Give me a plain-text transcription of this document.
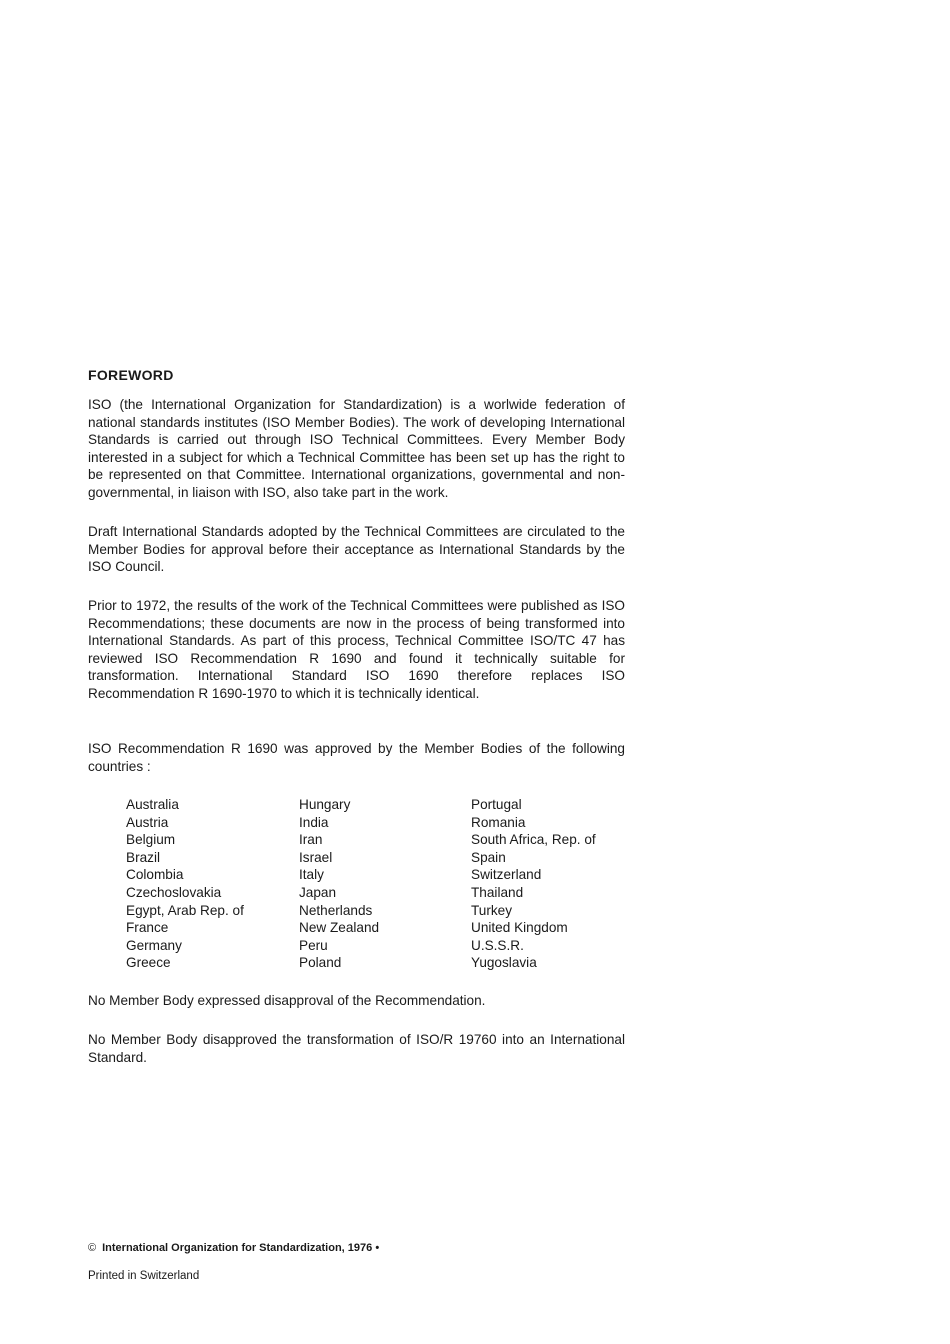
FOREWORD

ISO (the International Organization for Standardization) is a worlwide federation of national standards institutes (ISO Member Bodies). The work of developing International Standards is carried out through ISO Technical Committees. Every Member Body interested in a subject for which a Technical Committee has been set up has the right to be represented on that Committee. International organizations, governmental and non-governmental, in liaison with ISO, also take part in the work.

Draft International Standards adopted by the Technical Committees are circulated to the Member Bodies for approval before their acceptance as International Standards by the ISO Council.

Prior to 1972, the results of the work of the Technical Committees were published as ISO Recommendations; these documents are now in the process of being transformed into International Standards. As part of this process, Technical Committee ISO/TC 47 has reviewed ISO Recommendation R 1690 and found it technically suitable for transformation. International Standard ISO 1690 therefore replaces ISO Recommendation R 1690-1970 to which it is technically identical.

ISO Recommendation R 1690 was approved by the Member Bodies of the following countries :

Australia
Austria
Belgium
Brazil
Colombia
Czechoslovakia
Egypt, Arab Rep. of
France
Germany
Greece
Hungary
India
Iran
Israel
Italy
Japan
Netherlands
New Zealand
Peru
Poland
Portugal
Romania
South Africa, Rep. of
Spain
Switzerland
Thailand
Turkey
United Kingdom
U.S.S.R.
Yugoslavia

No Member Body expressed disapproval of the Recommendation.

No Member Body disapproved the transformation of ISO/R 19760 into an International Standard.

© International Organization for Standardization, 1976 •
Printed in Switzerland
